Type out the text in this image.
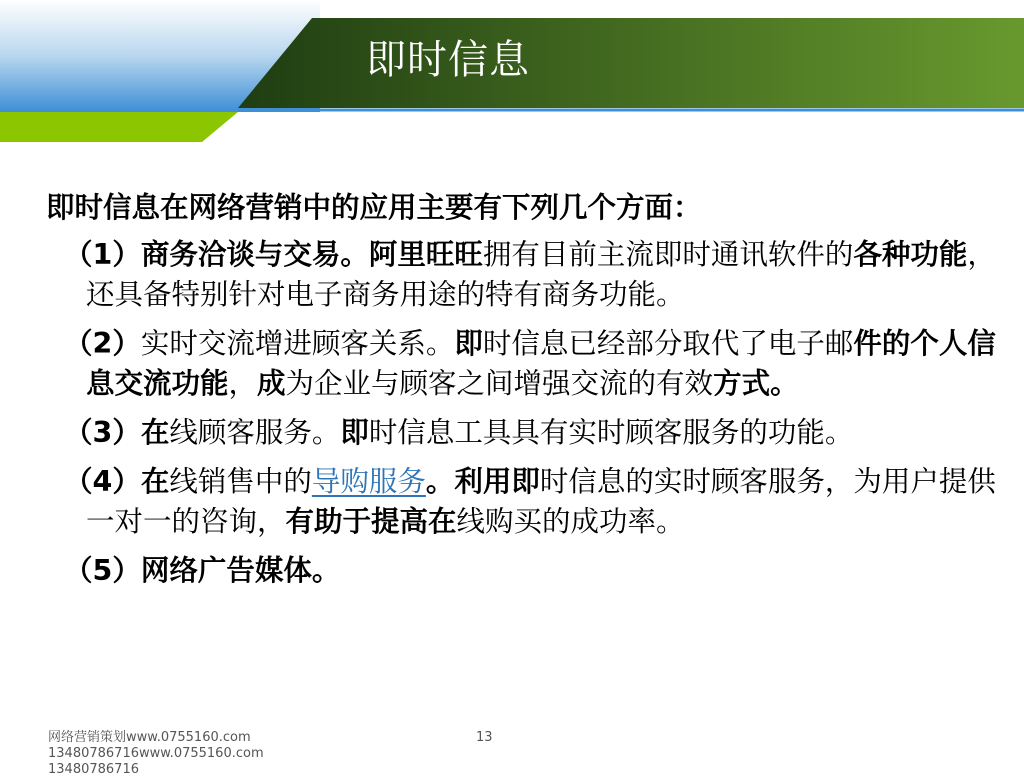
即时信息

即时信息在网络营销中的应用主要有下列几个方面：

（1）商务洽谈与交易。阿里旺旺拥有目前主流即时通讯软件的各种功能，还具备特别针对电子商务用途的特有商务功能。
（2）实时交流增进顾客关系。即时信息已经部分取代了电子邮件的个人信息交流功能，成为企业与顾客之间增强交流的有效方式。
（3）在线顾客服务。即时信息工具具有实时顾客服务的功能。
（4）在线销售中的导购服务。利用即时信息的实时顾客服务，为用户提供一对一的咨询，有助于提高在线购买的成功率。
（5）网络广告媒体。
网络营销策划www.0755160.com
13480786716www.0755160.com
13480786716
13
